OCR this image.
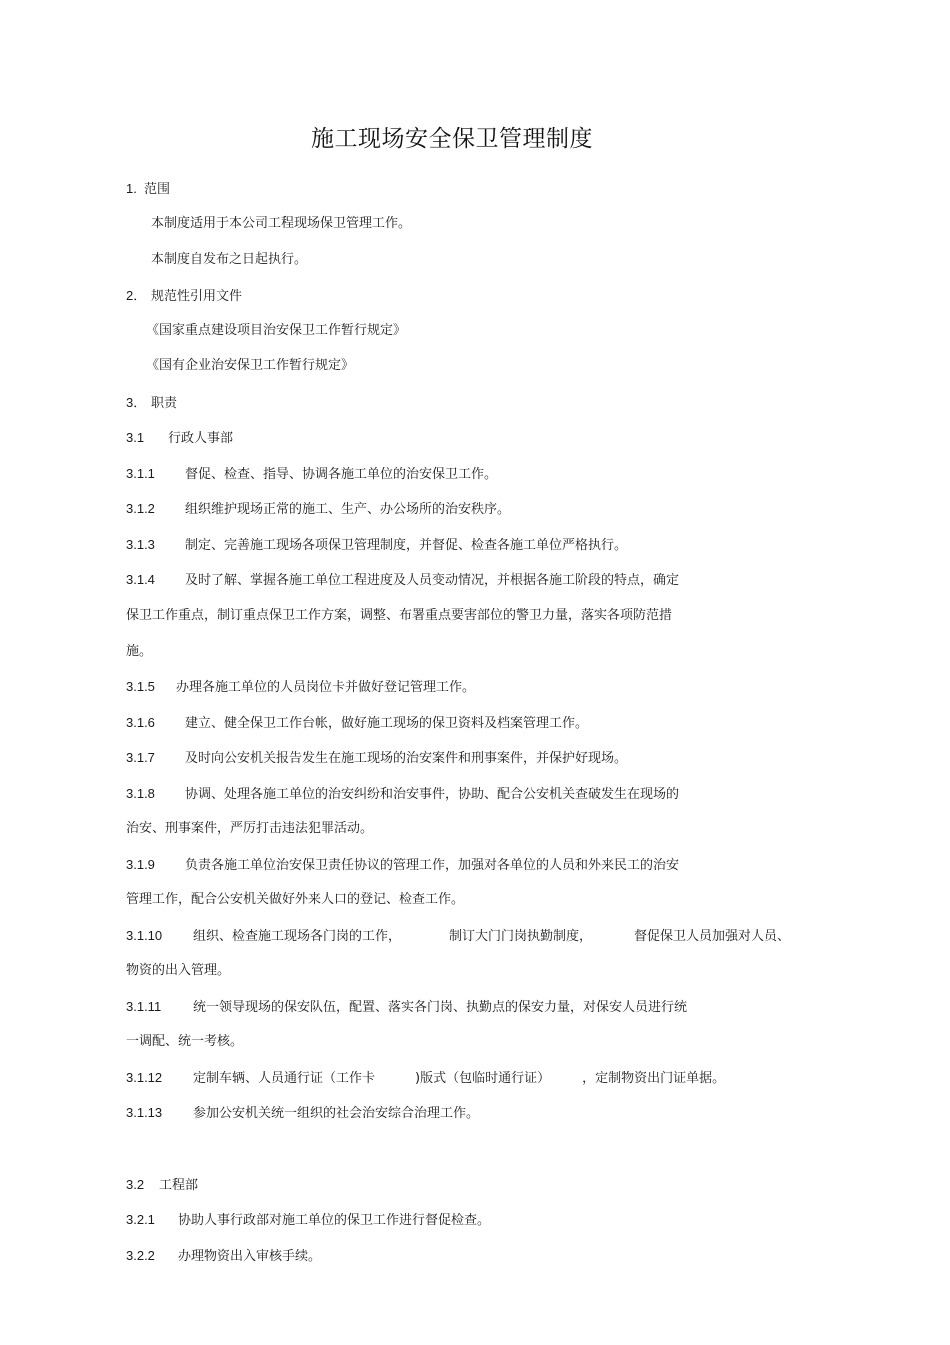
施工现场安全保卫管理制度
1. 范围
本制度适用于本公司工程现场保卫管理工作。
本制度自发布之日起执行。
2． 规范性引用文件
《国家重点建设项目治安保卫工作暂行规定》
《国有企业治安保卫工作暂行规定》
3． 职责
3.1 行政人事部
3.1.1 督促、检查、指导、协调各施工单位的治安保卫工作。
3.1.2 组织维护现场正常的施工、生产、办公场所的治安秩序。
3.1.3 制定、完善施工现场各项保卫管理制度，并督促、检查各施工单位严格执行。
3.1.4 及时了解、掌握各施工单位工程进度及人员变动情况，并根据各施工阶段的特点，确定
保卫工作重点，制订重点保卫工作方案，调整、布署重点要害部位的警卫力量，落实各项防范措
施。
3.1.5 办理各施工单位的人员岗位卡并做好登记管理工作。
3.1.6 建立、健全保卫工作台帐，做好施工现场的保卫资料及档案管理工作。
3.1.7 及时向公安机关报告发生在施工现场的治安案件和刑事案件，并保护好现场。
3.1.8 协调、处理各施工单位的治安纠纷和治安事件，协助、配合公安机关查破发生在现场的
治安、刑事案件，严厉打击违法犯罪活动。
3.1.9 负责各施工单位治安保卫责任协议的管理工作，加强对各单位的人员和外来民工的治安
管理工作，配合公安机关做好外来人口的登记、检查工作。
3.1.10 组织、检查施工现场各门岗的工作，	制订大门门岗执勤制度，	督促保卫人员加强对人员、
物资的出入管理。
3.1.11 统一领导现场的保安队伍，配置、落实各门岗、执勤点的保安力量，对保安人员进行统
一调配、统一考核。
3.1.12 定制车辆、人员通行证（工作卡	)版式（包临时通行证） ，定制物资出门证单据。
3.1.13 参加公安机关统一组织的社会治安综合治理工作。
3.2 工程部
3.2.1 协助人事行政部对施工单位的保卫工作进行督促检查。
3.2.2 办理物资出入审核手续。
